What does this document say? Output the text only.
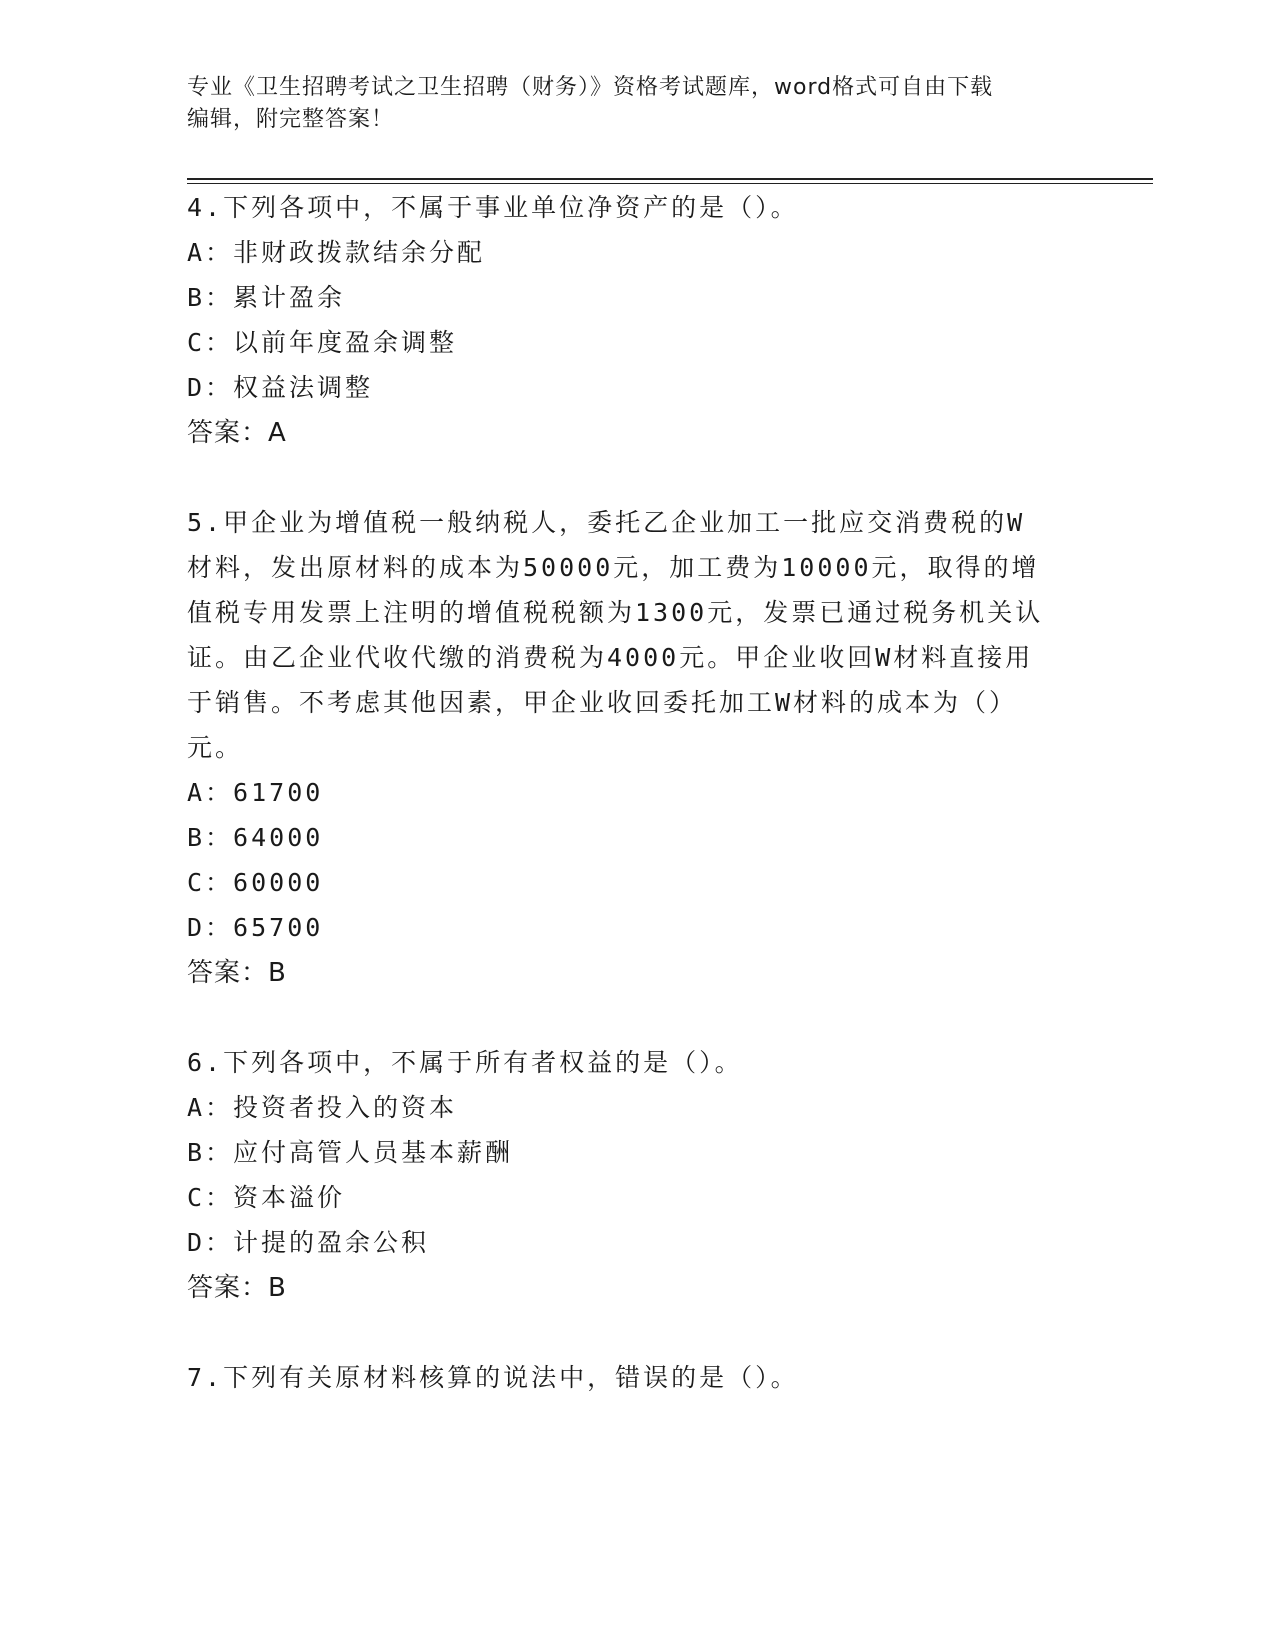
专业《卫生招聘考试之卫生招聘（财务）》资格考试题库，word格式可自由下载
编辑，附完整答案！
4.下列各项中，不属于事业单位净资产的是（）。
A：非财政拨款结余分配
B：累计盈余
C：以前年度盈余调整
D：权益法调整
答案：A
5.甲企业为增值税一般纳税人，委托乙企业加工一批应交消费税的W
材料，发出原材料的成本为50000元，加工费为10000元，取得的增
值税专用发票上注明的增值税税额为1300元，发票已通过税务机关认
证。由乙企业代收代缴的消费税为4000元。甲企业收回W材料直接用
于销售。不考虑其他因素，甲企业收回委托加工W材料的成本为（）
元。
A：61700
B：64000
C：60000
D：65700
答案：B
6.下列各项中，不属于所有者权益的是（）。
A：投资者投入的资本
B：应付高管人员基本薪酬
C：资本溢价
D：计提的盈余公积
答案：B
7.下列有关原材料核算的说法中，错误的是（）。
